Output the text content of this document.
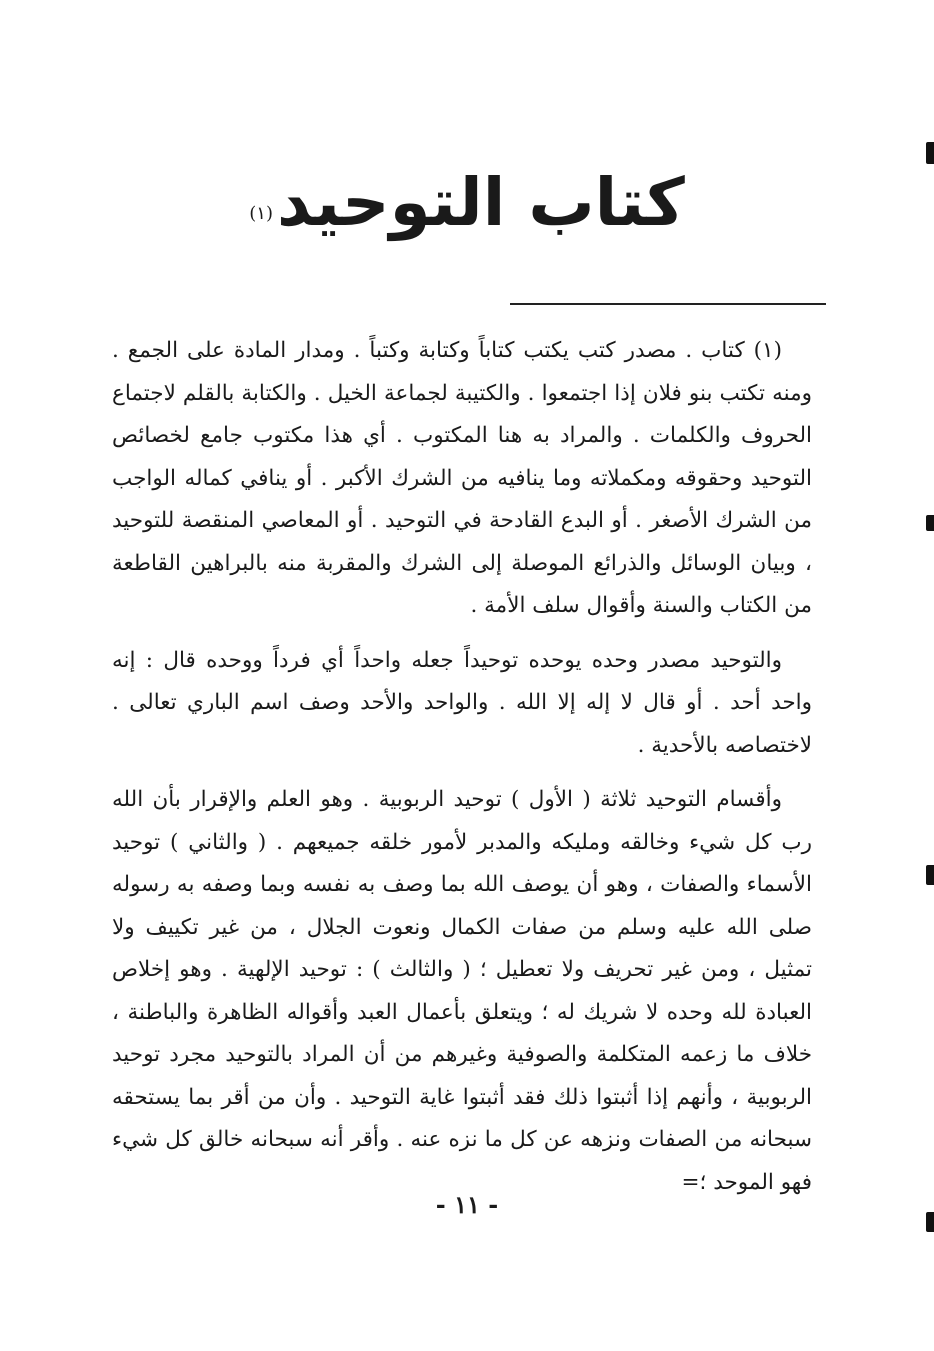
كتاب التوحيد(١)

(١) كتاب . مصدر كتب يكتب كتاباً وكتابة وكتباً . ومدار المادة على الجمع . ومنه تكتب بنو فلان إذا اجتمعوا . والكتيبة لجماعة الخيل . والكتابة بالقلم لاجتماع الحروف والكلمات . والمراد به هنا المكتوب . أي هذا مكتوب جامع لخصائص التوحيد وحقوقه ومكملاته وما ينافيه من الشرك الأكبر . أو ينافي كماله الواجب من الشرك الأصغر . أو البدع القادحة في التوحيد . أو المعاصي المنقصة للتوحيد ، وبيان الوسائل والذرائع الموصلة إلى الشرك والمقربة منه بالبراهين القاطعة من الكتاب والسنة وأقوال سلف الأمة .

والتوحيد مصدر وحده يوحده توحيداً جعله واحداً أي فرداً ووحده قال : إنه واحد أحد . أو قال لا إله إلا الله . والواحد والأحد وصف اسم الباري تعالى . لاختصاصه بالأحدية .

وأقسام التوحيد ثلاثة ( الأول ) توحيد الربوبية . وهو العلم والإقرار بأن الله رب كل شيء وخالقه ومليكه والمدبر لأمور خلقه جميعهم . ( والثاني ) توحيد الأسماء والصفات ، وهو أن يوصف الله بما وصف به نفسه وبما وصفه به رسوله صلى الله عليه وسلم من صفات الكمال ونعوت الجلال ، من غير تكييف ولا تمثيل ، ومن غير تحريف ولا تعطيل ؛ ( والثالث ) : توحيد الإلهية . وهو إخلاص العبادة لله وحده لا شريك له ؛ ويتعلق بأعمال العبد وأقواله الظاهرة والباطنة ، خلاف ما زعمه المتكلمة والصوفية وغيرهم من أن المراد بالتوحيد مجرد توحيد الربوبية ، وأنهم إذا أثبتوا ذلك فقد أثبتوا غاية التوحيد . وأن من أقر بما يستحقه سبحانه من الصفات ونزهه عن كل ما نزه عنه . وأقر أنه سبحانه خالق كل شيء فهو الموحد ؛=

- ١١ -
